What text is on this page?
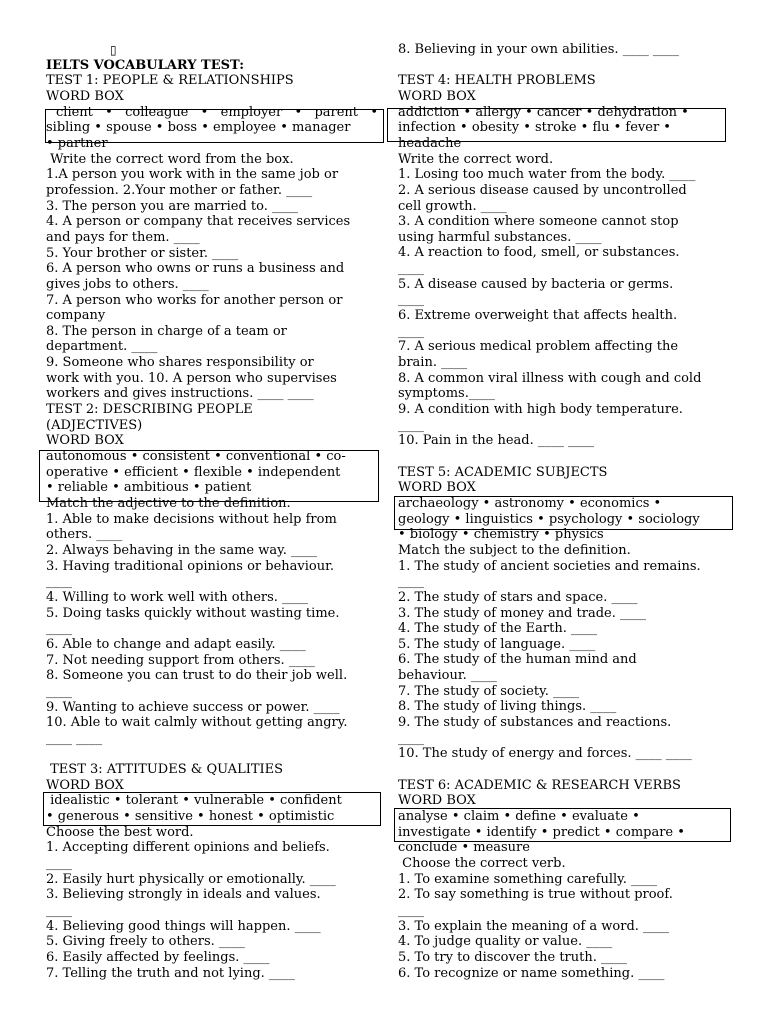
▯
IELTS VOCABULARY TEST:
TEST 1: PEOPLE & RELATIONSHIPS
WORD BOX
client • colleague • employer • parent •
sibling • spouse • boss • employee • manager
• partner
Write the correct word from the box.
1.A person you work with in the same job or
profession. 2.Your mother or father. ____
3. The person you are married to. ____
4. A person or company that receives services
and pays for them. ____
5. Your brother or sister. ____
6. A person who owns or runs a business and
gives jobs to others. ____
7. A person who works for another person or
company
8. The person in charge of a team or
department. ____
9. Someone who shares responsibility or
work with you. 10. A person who supervises
workers and gives instructions. ____ ____
TEST 2: DESCRIBING PEOPLE
(ADJECTIVES)
WORD BOX
autonomous • consistent • conventional • co-
operative • efficient • flexible • independent
• reliable • ambitious • patient
Match the adjective to the definition.
1. Able to make decisions without help from
others. ____
2. Always behaving in the same way. ____
3. Having traditional opinions or behaviour.
____
4. Willing to work well with others. ____
5. Doing tasks quickly without wasting time.
____
6. Able to change and adapt easily. ____
7. Not needing support from others. ____
8. Someone you can trust to do their job well.
____
9. Wanting to achieve success or power. ____
10. Able to wait calmly without getting angry.
____ ____
TEST 3: ATTITUDES & QUALITIES
WORD BOX
idealistic • tolerant • vulnerable • confident
• generous • sensitive • honest • optimistic
Choose the best word.
1. Accepting different opinions and beliefs.
____
2. Easily hurt physically or emotionally. ____
3. Believing strongly in ideals and values.
____
4. Believing good things will happen. ____
5. Giving freely to others. ____
6. Easily affected by feelings. ____
7. Telling the truth and not lying. ____
8. Believing in your own abilities. ____ ____
TEST 4: HEALTH PROBLEMS
WORD BOX
addiction • allergy • cancer • dehydration •
infection • obesity • stroke • flu • fever •
headache
Write the correct word.
1. Losing too much water from the body. ____
2. A serious disease caused by uncontrolled
cell growth. ____
3. A condition where someone cannot stop
using harmful substances. ____
4. A reaction to food, smell, or substances.
____
5. A disease caused by bacteria or germs.
____
6. Extreme overweight that affects health.
____
7. A serious medical problem affecting the
brain. ____
8. A common viral illness with cough and cold
symptoms.____
9. A condition with high body temperature.
____
10. Pain in the head. ____ ____
TEST 5: ACADEMIC SUBJECTS
WORD BOX
archaeology • astronomy • economics •
geology • linguistics • psychology • sociology
• biology • chemistry • physics
Match the subject to the definition.
1. The study of ancient societies and remains.
____
2. The study of stars and space. ____
3. The study of money and trade. ____
4. The study of the Earth. ____
5. The study of language. ____
6. The study of the human mind and
behaviour. ____
7. The study of society. ____
8. The study of living things. ____
9. The study of substances and reactions.
____
10. The study of energy and forces. ____ ____
TEST 6: ACADEMIC & RESEARCH VERBS
WORD BOX
analyse • claim • define • evaluate •
investigate • identify • predict • compare •
conclude • measure
Choose the correct verb.
1. To examine something carefully. ____
2. To say something is true without proof.
____
3. To explain the meaning of a word. ____
4. To judge quality or value. ____
5. To try to discover the truth. ____
6. To recognize or name something. ____
